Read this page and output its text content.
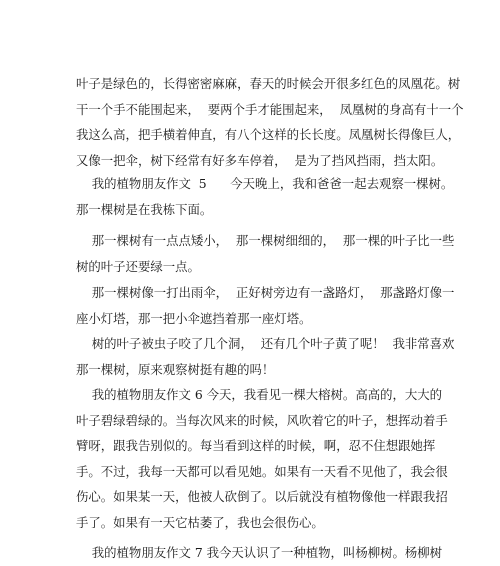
叶子是绿色的，长得密密麻麻，春天的时候会开很多红色的凤凰花。树
干一个手不能围起来，  要两个手才能围起来，  凤凰树的身高有十一个
我这么高，把手横着伸直，有八个这样的长长度。凤凰树长得像巨人，
又像一把伞，树下经常有好多车停着，  是为了挡风挡雨，挡太阳。

我的植物朋友作文  5      今天晚上，我和爸爸一起去观察一棵树。
那一棵树是在我栋下面。

那一棵树有一点点矮小，  那一棵树细细的，  那一棵的叶子比一些
树的叶子还要绿一点。

那一棵树像一打出雨伞，  正好树旁边有一盏路灯，  那盏路灯像一
座小灯塔，那一把小伞遮挡着那一座灯塔。

树的叶子被虫子咬了几个洞，  还有几个叶子黄了呢！  我非常喜欢
那一棵树，原来观察树挺有趣的吗！

我的植物朋友作文 6 今天，我看见一棵大榕树。高高的，大大的
叶子碧绿碧绿的。当每次风来的时候，风吹着它的叶子，想挥动着手
臂呀，跟我告别似的。每当看到这样的时候，啊，忍不住想跟她挥
手。不过，我每一天都可以看见她。如果有一天看不见他了，我会很
伤心。如果某一天，他被人砍倒了。以后就没有植物像他一样跟我招
手了。如果有一天它枯萎了，我也会很伤心。

我的植物朋友作文 7 我今天认识了一种植物，叫杨柳树。杨柳树
